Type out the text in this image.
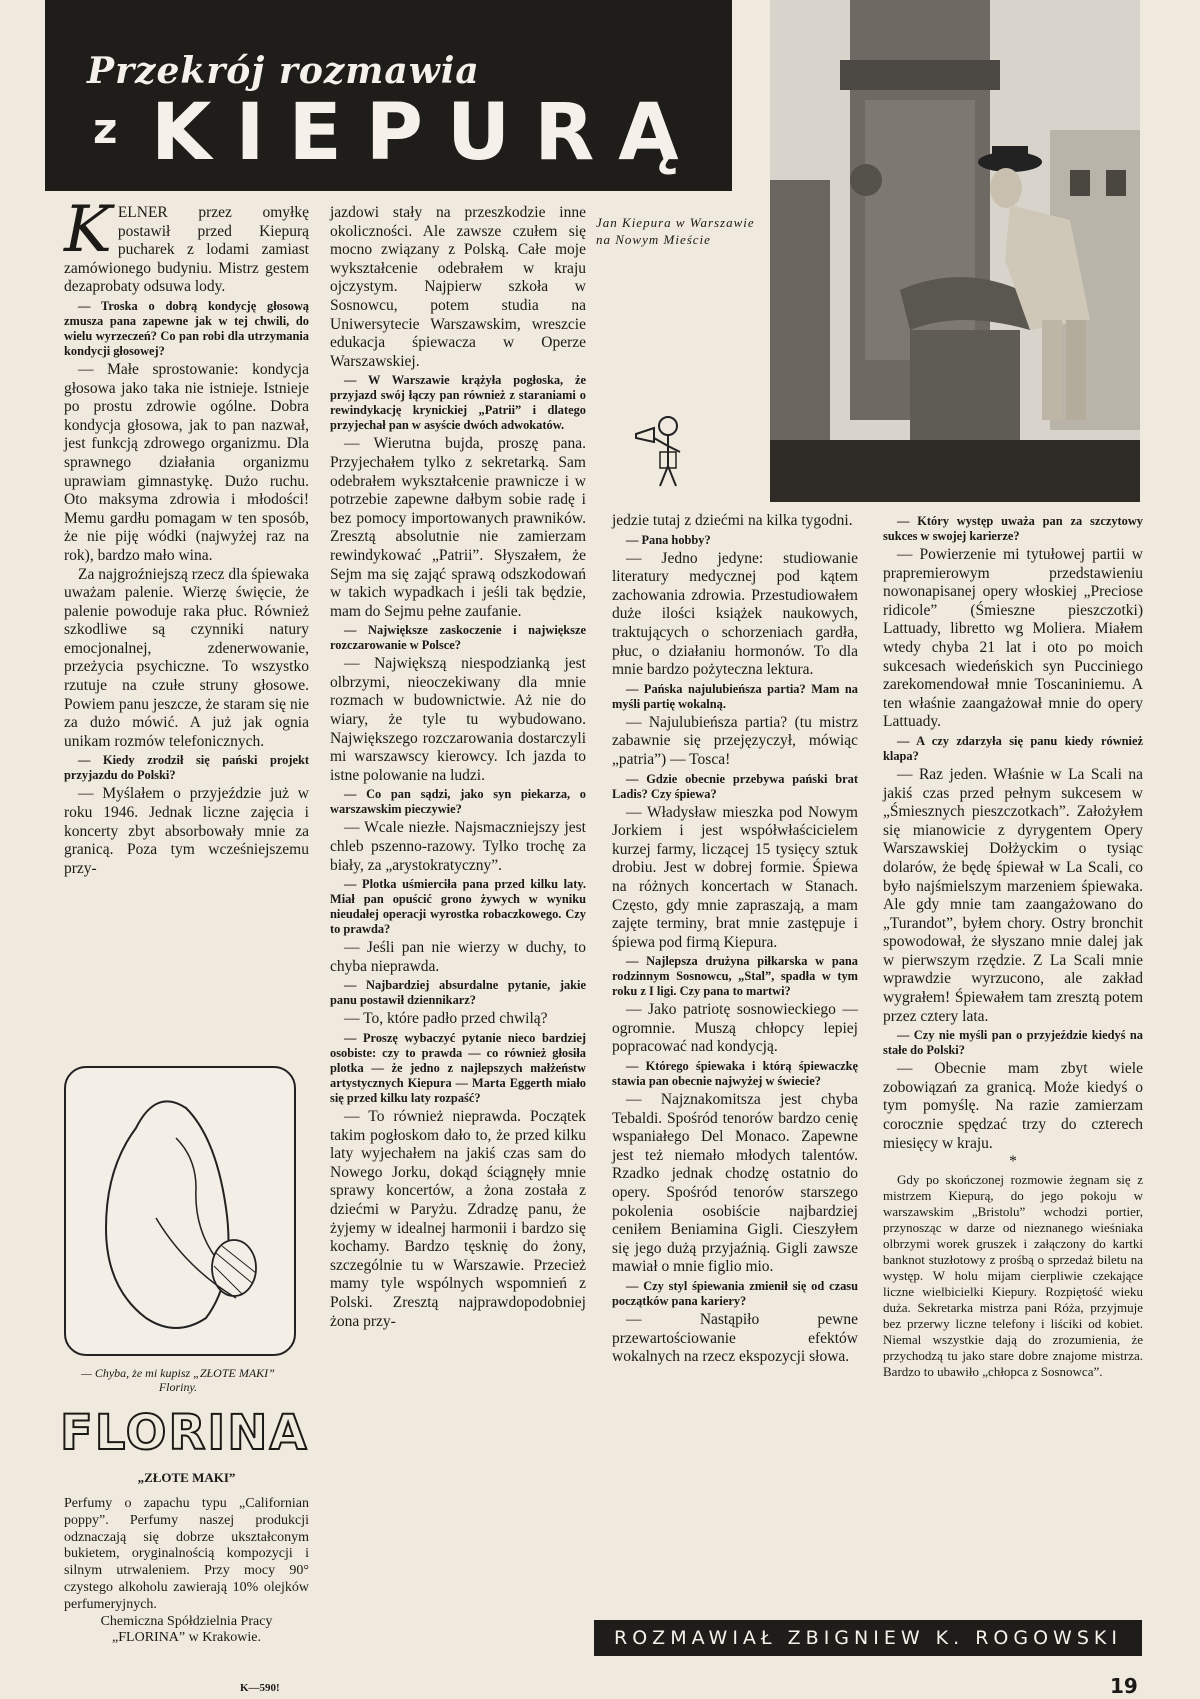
Przekrój rozmawia
z KIEPURĄ
Jan Kiepura w Warszawie na Nowym Mieście

KELNER przez omyłkę postawił przed Kiepurą pucharek z lodami zamiast zamówionego budyniu. Mistrz gestem dezaprobaty odsuwa lody.

— Troska o dobrą kondycję głosową zmusza pana zapewne jak w tej chwili, do wielu wyrzeczeń? Co pan robi dla utrzymania kondycji głosowej?

— Małe sprostowanie: kondycja głosowa jako taka nie istnieje. Istnieje po prostu zdrowie ogólne. Dobra kondycja głosowa, jak to pan nazwał, jest funkcją zdrowego organizmu. Dla sprawnego działania organizmu uprawiam gimnastykę. Dużo ruchu. Oto maksyma zdrowia i młodości! Memu gardłu pomagam w ten sposób, że nie piję wódki (najwyżej raz na rok), bardzo mało wina.

Za najgroźniejszą rzecz dla śpiewaka uważam palenie. Wierzę święcie, że palenie powoduje raka płuc. Również szkodliwe są czynniki natury emocjonalnej, zdenerwowanie, przeżycia psychiczne. To wszystko rzutuje na czułe struny głosowe. Powiem panu jeszcze, że staram się nie za dużo mówić. A już jak ognia unikam rozmów telefonicznych.

— Kiedy zrodził się pański projekt przyjazdu do Polski?

— Myślałem o przyjeździe już w roku 1946. Jednak liczne zajęcia i koncerty zbyt absorbowały mnie za granicą. Poza tym wcześniejszemu przy-

jazdowi stały na przeszkodzie inne okoliczności. Ale zawsze czułem się mocno związany z Polską. Całe moje wykształcenie odebrałem w kraju ojczystym. Najpierw szkoła w Sosnowcu, potem studia na Uniwersytecie Warszawskim, wreszcie edukacja śpiewacza w Operze Warszawskiej.

— W Warszawie krążyła pogłoska, że przyjazd swój łączy pan również z staraniami o rewindykację krynickiej „Patrii” i dlatego przyjechał pan w asyście dwóch adwokatów.

— Wierutna bujda, proszę pana. Przyjechałem tylko z sekretarką. Sam odebrałem wykształcenie prawnicze i w potrzebie zapewne dałbym sobie radę i bez pomocy importowanych prawników. Zresztą absolutnie nie zamierzam rewindykować „Patrii”. Słyszałem, że Sejm ma się zająć sprawą odszkodowań w takich wypadkach i jeśli tak będzie, mam do Sejmu pełne zaufanie.

— Największe zaskoczenie i największe rozczarowanie w Polsce?

— Największą niespodzianką jest olbrzymi, nieoczekiwany dla mnie rozmach w budownictwie. Aż nie do wiary, że tyle tu wybudowano. Największego rozczarowania dostarczyli mi warszawscy kierowcy. Ich jazda to istne polowanie na ludzi.

— Co pan sądzi, jako syn piekarza, o warszawskim pieczywie?

— Wcale niezłe. Najsmaczniejszy jest chleb pszenno-razowy. Tylko trochę za biały, za „arystokratyczny”.

— Plotka uśmierciła pana przed kilku laty. Miał pan opuścić grono żywych w wyniku nieudałej operacji wyrostka robaczkowego. Czy to prawda?

— Jeśli pan nie wierzy w duchy, to chyba nieprawda.

— Najbardziej absurdalne pytanie, jakie panu postawił dziennikarz?

— To, które padło przed chwilą?

— Proszę wybaczyć pytanie nieco bardziej osobiste: czy to prawda — co również głosiła plotka — że jedno z najlepszych małżeństw artystycznych Kiepura — Marta Eggerth miało się przed kilku laty rozpaść?

— To również nieprawda. Początek takim pogłoskom dało to, że przed kilku laty wyjechałem na jakiś czas sam do Nowego Jorku, dokąd ściągnęły mnie sprawy koncertów, a żona została z dziećmi w Paryżu. Zdradzę panu, że żyjemy w idealnej harmonii i bardzo się kochamy. Bardzo tęsknię do żony, szczególnie tu w Warszawie. Przecież mamy tyle wspólnych wspomnień z Polski. Zresztą najprawdopodobniej żona przy-

jedzie tutaj z dziećmi na kilka tygodni.

— Pana hobby?

— Jedno jedyne: studiowanie literatury medycznej pod kątem zachowania zdrowia. Przestudiowałem duże ilości książek naukowych, traktujących o schorzeniach gardła, płuc, o działaniu hormonów. To dla mnie bardzo pożyteczna lektura.

— Pańska najulubieńsza partia? Mam na myśli partię wokalną.

— Najulubieńsza partia? (tu mistrz zabawnie się przejęzyczył, mówiąc „patria”) — Tosca!

— Gdzie obecnie przebywa pański brat Ladis? Czy śpiewa?

— Władysław mieszka pod Nowym Jorkiem i jest współwłaścicielem kurzej farmy, liczącej 15 tysięcy sztuk drobiu. Jest w dobrej formie. Śpiewa na różnych koncertach w Stanach. Często, gdy mnie zapraszają, a mam zajęte terminy, brat mnie zastępuje i śpiewa pod firmą Kiepura.

— Najlepsza drużyna piłkarska w pana rodzinnym Sosnowcu, „Stal”, spadła w tym roku z I ligi. Czy pana to martwi?

— Jako patriotę sosnowieckiego — ogromnie. Muszą chłopcy lepiej popracować nad kondycją.

— Którego śpiewaka i którą śpiewaczkę stawia pan obecnie najwyżej w świecie?

— Najznakomitsza jest chyba Tebaldi. Spośród tenorów bardzo cenię wspaniałego Del Monaco. Zapewne jest też niemało młodych talentów. Rzadko jednak chodzę ostatnio do opery. Spośród tenorów starszego pokolenia osobiście najbardziej ceniłem Beniamina Gigli. Cieszyłem się jego dużą przyjaźnią. Gigli zawsze mawiał o mnie figlio mio.

— Czy styl śpiewania zmienił się od czasu początków pana kariery?

— Nastąpiło pewne przewartościowanie efektów wokalnych na rzecz ekspozycji słowa.

— Który występ uważa pan za szczytowy sukces w swojej karierze?

— Powierzenie mi tytułowej partii w prapremierowym przedstawieniu nowonapisanej opery włoskiej „Preciose ridicole” (Śmieszne pieszczotki) Lattuady, libretto wg Moliera. Miałem wtedy chyba 21 lat i oto po moich sukcesach wiedeńskich syn Pucciniego zarekomendował mnie Toscaniniemu. A ten właśnie zaangażował mnie do opery Lattuady.

— A czy zdarzyła się panu kiedy również klapa?

— Raz jeden. Właśnie w La Scali na jakiś czas przed pełnym sukcesem w „Śmiesznych pieszczotkach”. Założyłem się mianowicie z dyrygentem Opery Warszawskiej Dołżyckim o tysiąc dolarów, że będę śpiewał w La Scali, co było najśmielszym marzeniem śpiewaka. Ale gdy mnie tam zaangażowano do „Turandot”, byłem chory. Ostry bronchit spowodował, że słyszano mnie dalej jak w pierwszym rzędzie. Z La Scali mnie wprawdzie wyrzucono, ale zakład wygrałem! Śpiewałem tam zresztą potem przez cztery lata.

— Czy nie myśli pan o przyjeździe kiedyś na stałe do Polski?

— Obecnie mam zbyt wiele zobowiązań za granicą. Może kiedyś o tym pomyślę. Na razie zamierzam corocznie spędzać trzy do czterech miesięcy w kraju.

*

Gdy po skończonej rozmowie żegnam się z mistrzem Kiepurą, do jego pokoju w warszawskim „Bristolu” wchodzi portier, przynosząc w darze od nieznanego wieśniaka olbrzymi worek gruszek i załączony do kartki banknot stuzłotowy z prośbą o sprzedaż biletu na występ. W holu mijam cierpliwie czekające liczne wielbicielki Kiepury. Rozpiętość wieku duża. Sekretarka mistrza pani Róża, przyjmuje bez przerwy liczne telefony i liściki od kobiet. Niemal wszystkie dają do zrozumienia, że przychodzą tu jako stare dobre znajome mistrza. Bardzo to ubawiło „chłopca z Sosnowca”.

— Chyba, że mi kupisz „ZŁOTE MAKI” Floriny.
FLORINA
„ZŁOTE MAKI”

Perfumy o zapachu typu „Californian poppy”. Perfumy naszej produkcji odznaczają się dobrze ukształconym bukietem, oryginalnością kompozycji i silnym utrwaleniem. Przy mocy 90° czystego alkoholu zawierają 10% olejków perfumeryjnych.

Chemiczna Spółdzielnia Pracy „FLORINA” w Krakowie.

K—590!
ROZMAWIAŁ ZBIGNIEW K. ROGOWSKI
19
